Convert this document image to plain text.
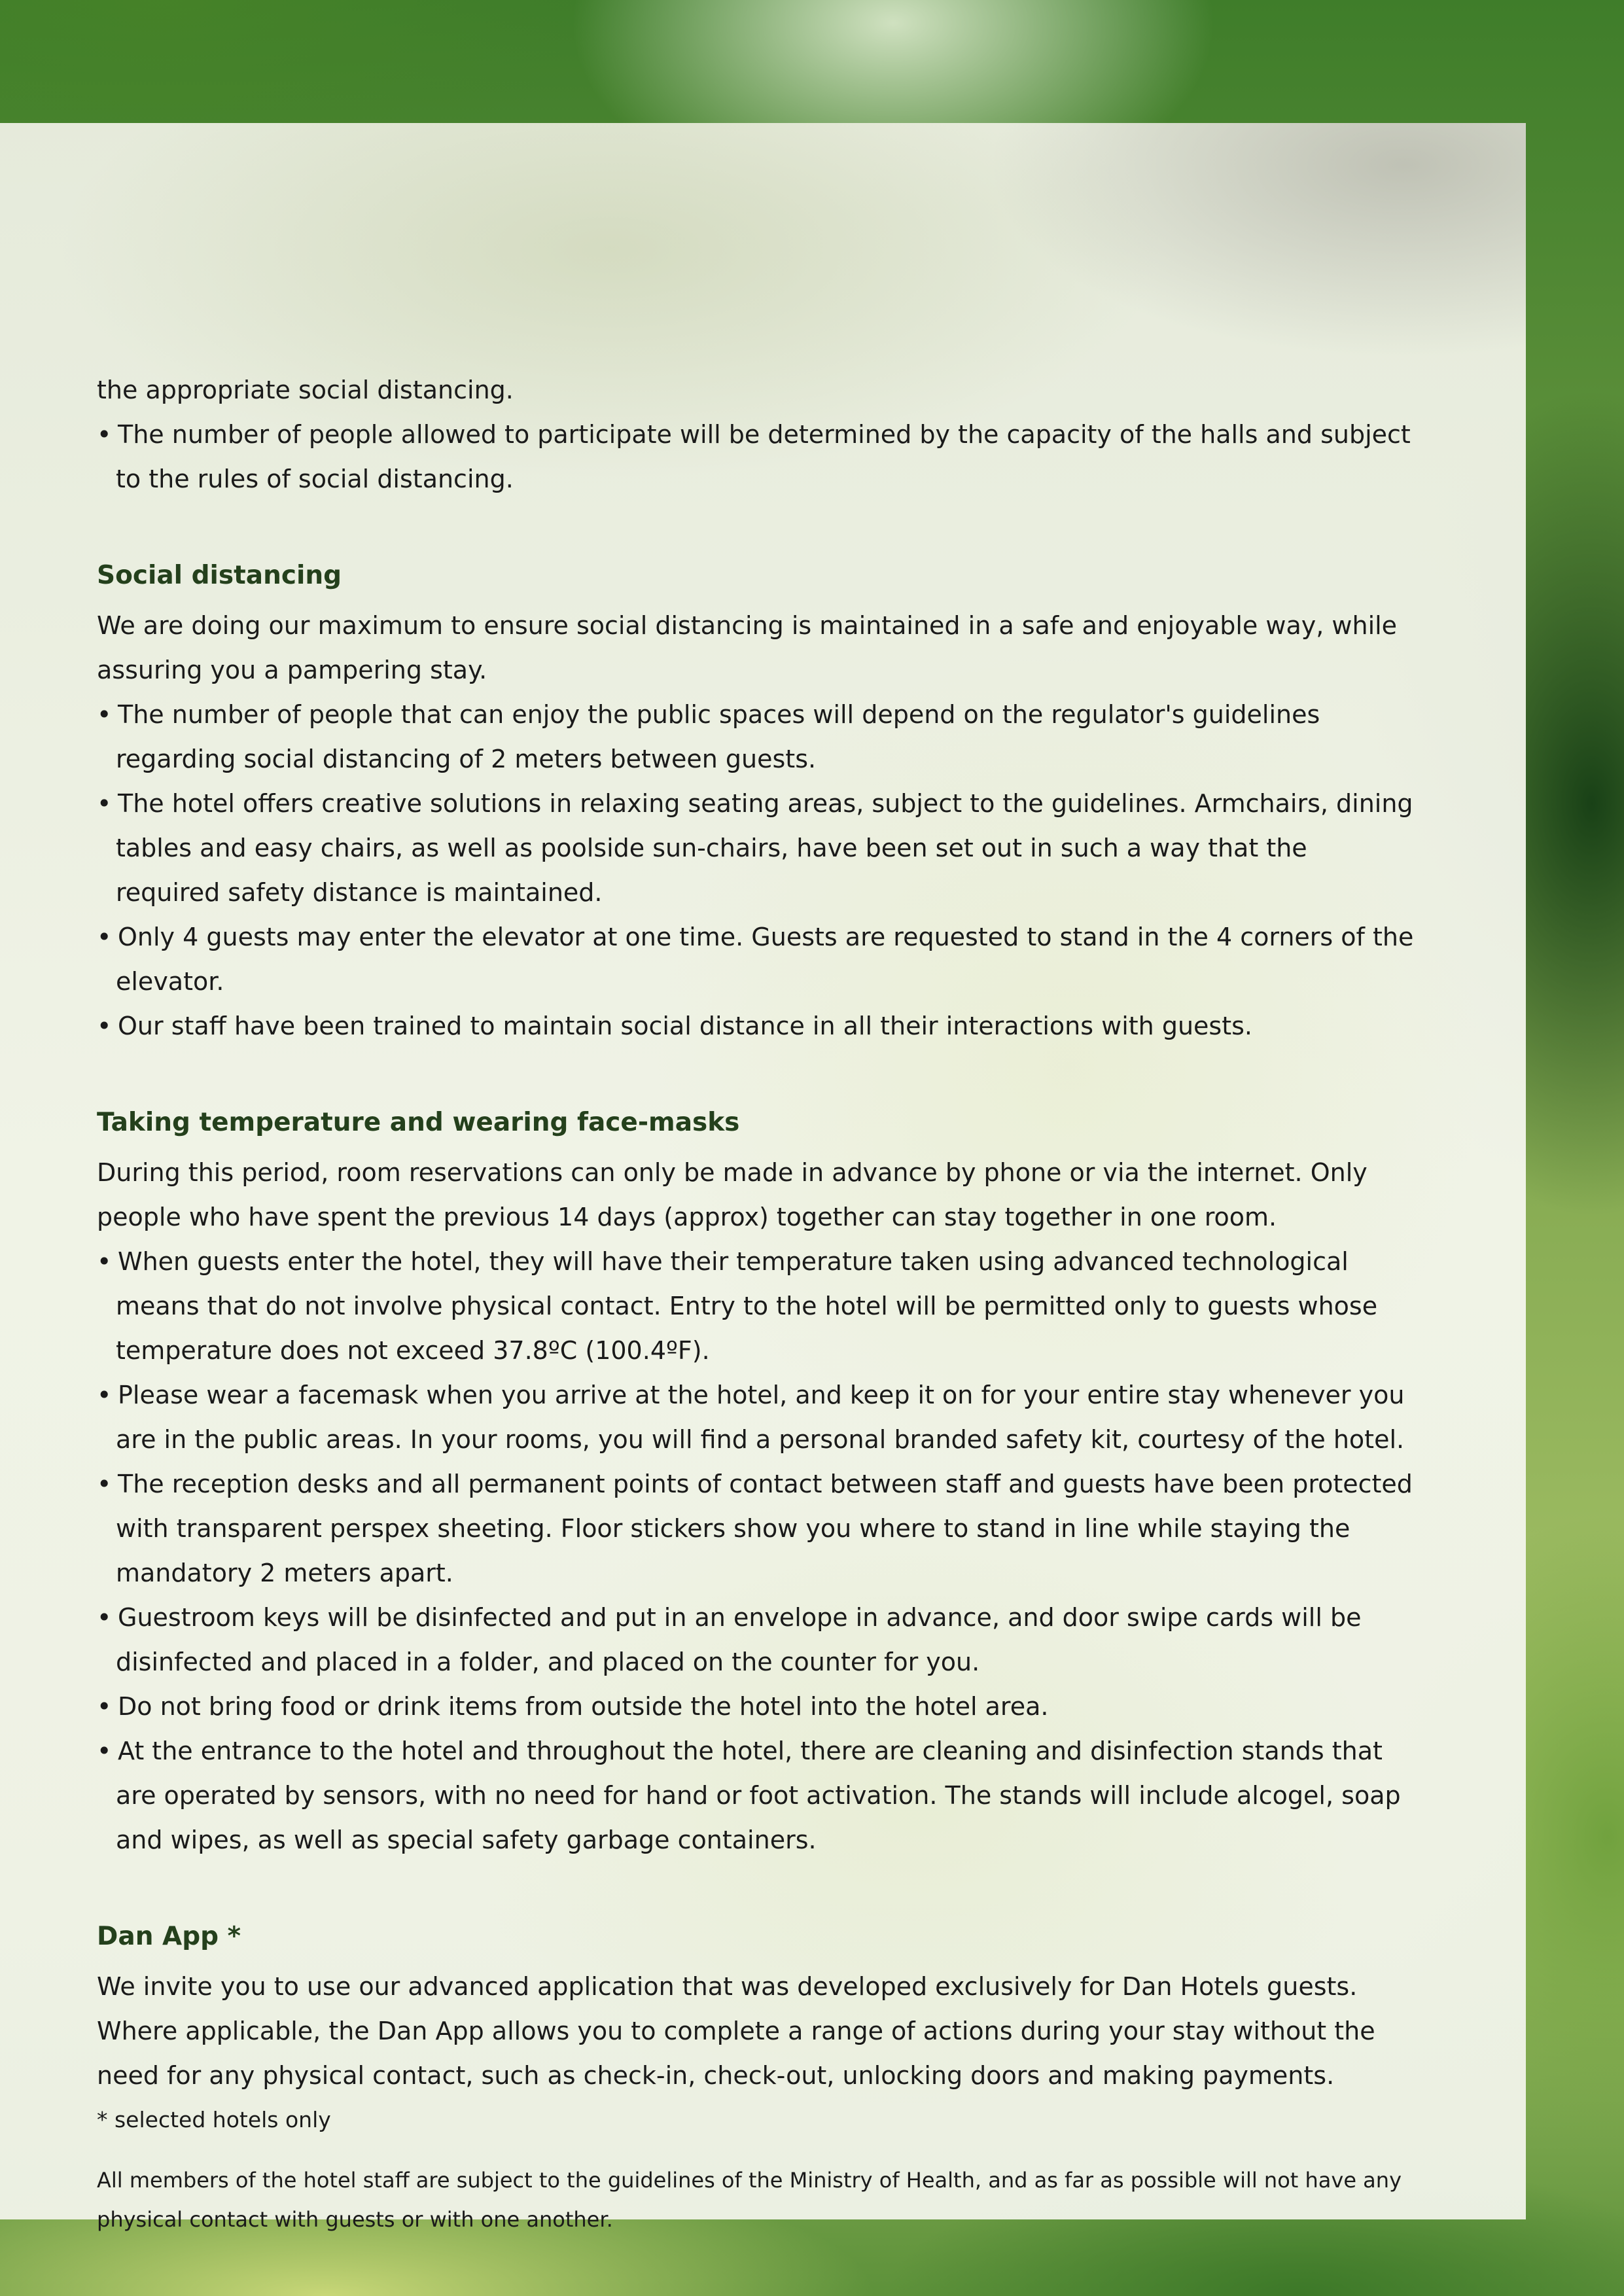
the appropriate social distancing.

• The number of people allowed to participate will be determined by the capacity of the halls and subject to the rules of social distancing.

Social distancing

We are doing our maximum to ensure social distancing is maintained in a safe and enjoyable way, while assuring you a pampering stay.

• The number of people that can enjoy the public spaces will depend on the regulator's guidelines regarding social distancing of 2 meters between guests.

• The hotel offers creative solutions in relaxing seating areas, subject to the guidelines. Armchairs, dining tables and easy chairs, as well as poolside sun-chairs, have been set out in such a way that the required safety distance is maintained.

• Only 4 guests may enter the elevator at one time. Guests are requested to stand in the 4 corners of the elevator.

• Our staff have been trained to maintain social distance in all their interactions with guests.

Taking temperature and wearing face-masks

During this period, room reservations can only be made in advance by phone or via the internet. Only people who have spent the previous 14 days (approx) together can stay together in one room.

• When guests enter the hotel, they will have their temperature taken using advanced technological means that do not involve physical contact. Entry to the hotel will be permitted only to guests whose temperature does not exceed 37.8ºC (100.4ºF).

• Please wear a facemask when you arrive at the hotel, and keep it on for your entire stay whenever you are in the public areas. In your rooms, you will find a personal branded safety kit, courtesy of the hotel.

• The reception desks and all permanent points of contact between staff and guests have been protected with transparent perspex sheeting. Floor stickers show you where to stand in line while staying the mandatory 2 meters apart.

• Guestroom keys will be disinfected and put in an envelope in advance, and door swipe cards will be disinfected and placed in a folder, and placed on the counter for you.

• Do not bring food or drink items from outside the hotel into the hotel area.

• At the entrance to the hotel and throughout the hotel, there are cleaning and disinfection stands that are operated by sensors, with no need for hand or foot activation. The stands will include alcogel, soap and wipes, as well as special safety garbage containers.

Dan App *

We invite you to use our advanced application that was developed exclusively for Dan Hotels guests. Where applicable, the Dan App allows you to complete a range of actions during your stay without the need for any physical contact, such as check-in, check-out, unlocking doors and making payments.

* selected hotels only

All members of the hotel staff are subject to the guidelines of the Ministry of Health, and as far as possible will not have any physical contact with guests or with one another.
